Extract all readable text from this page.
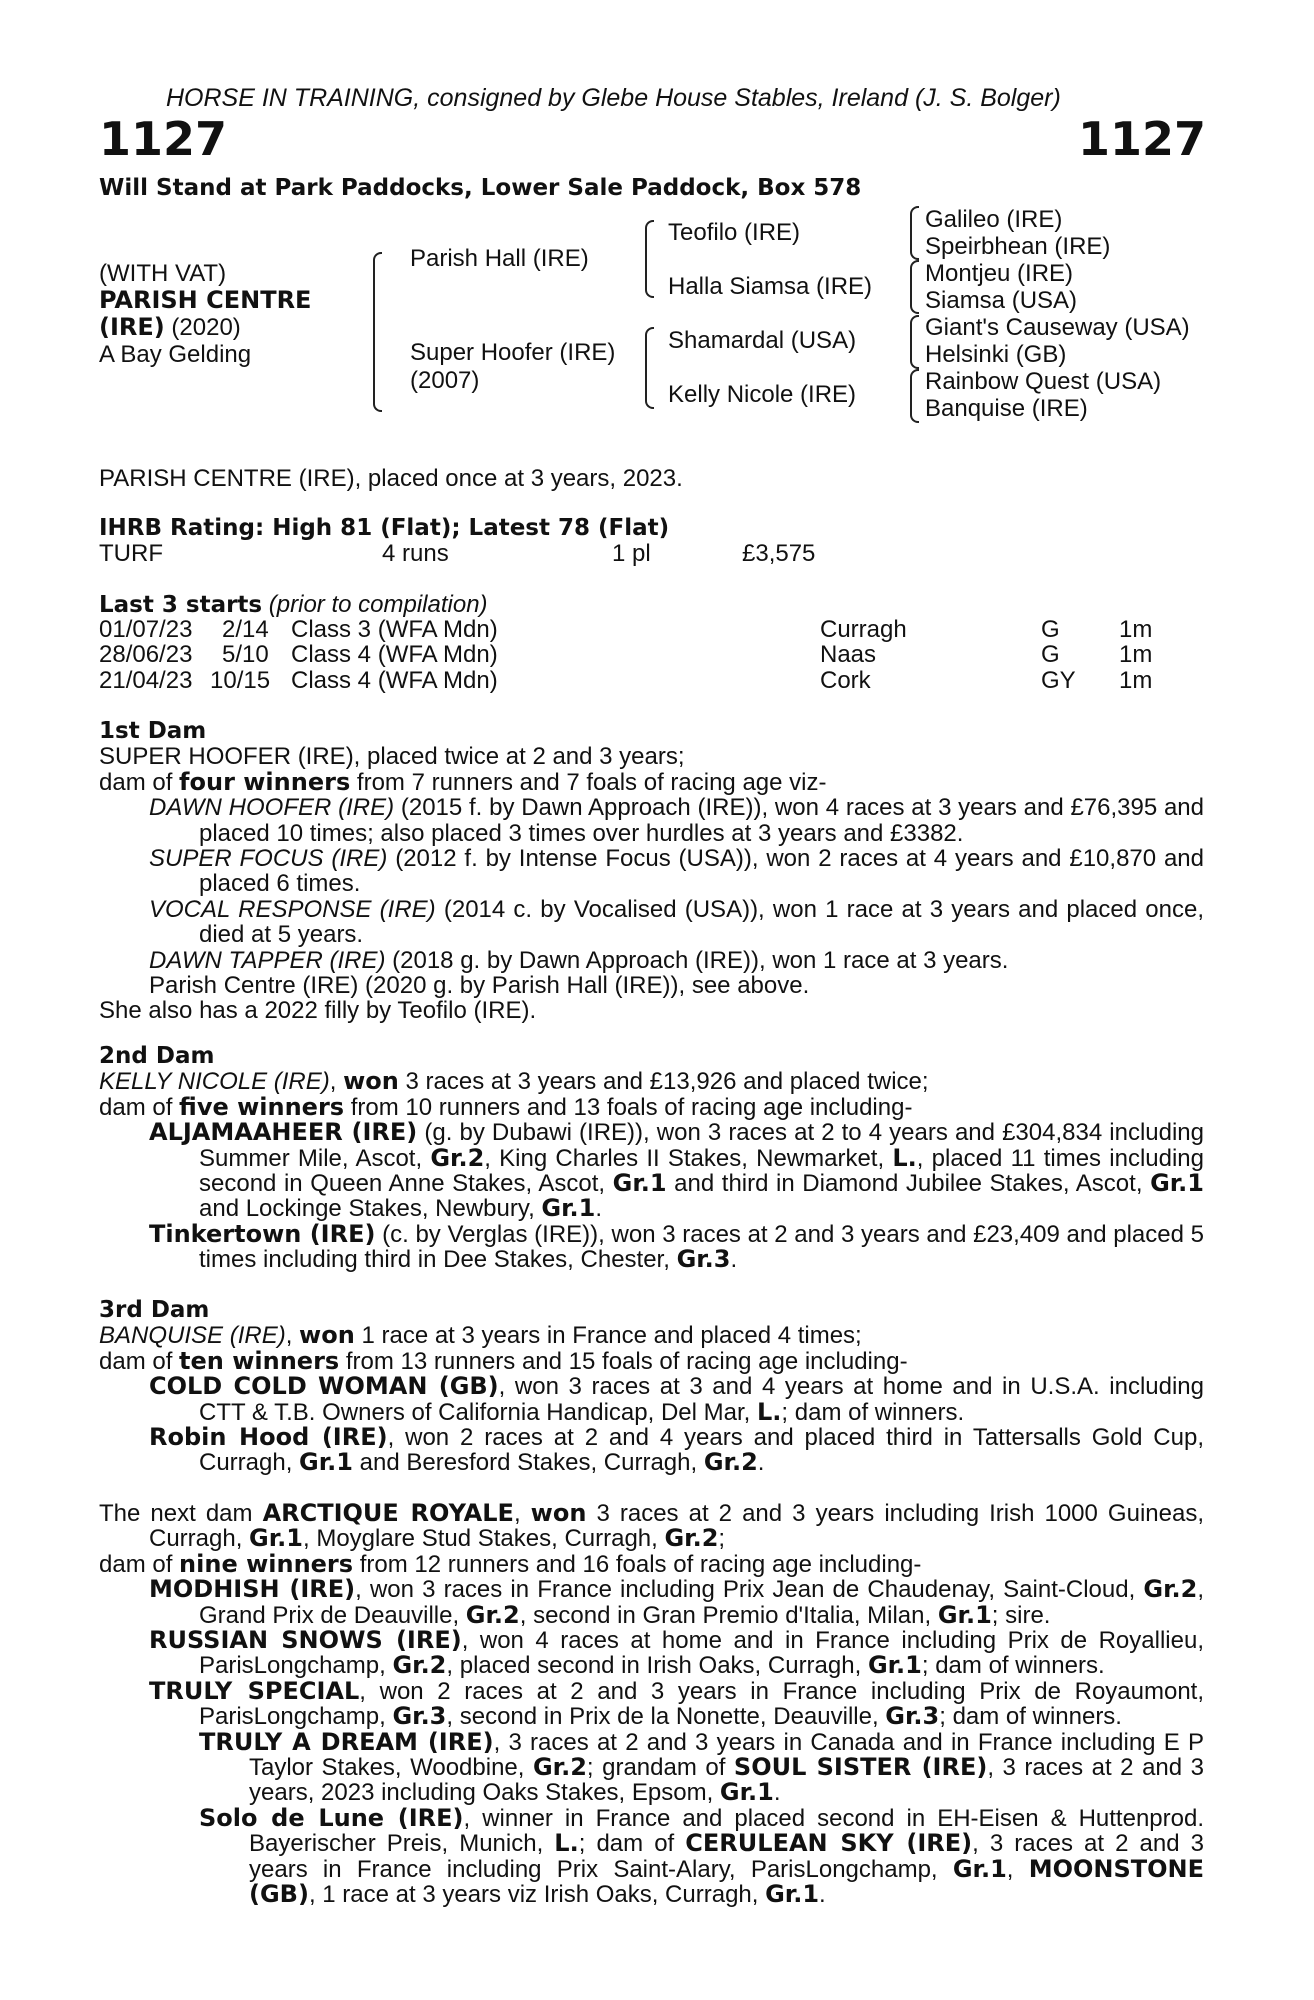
HORSE IN TRAINING, consigned by Glebe House Stables, Ireland (J. S. Bolger)
1127	1127
Will Stand at Park Paddocks, Lower Sale Paddock, Box 578
(WITH VAT)
PARISH CENTRE
(IRE) (2020)
A Bay Gelding
Parish Hall (IRE)
Super Hoofer (IRE)
(2007)
Teofilo (IRE)
Halla Siamsa (IRE)
Shamardal (USA)
Kelly Nicole (IRE)
Galileo (IRE)
Speirbhean (IRE)
Montjeu (IRE)
Siamsa (USA)
Giant's Causeway (USA)
Helsinki (GB)
Rainbow Quest (USA)
Banquise (IRE)
PARISH CENTRE (IRE), placed once at 3 years, 2023.
IHRB Rating: High 81 (Flat); Latest 78 (Flat)
TURF	4 runs	1 pl	£3,575
Last 3 starts (prior to compilation)
01/07/23 2/14 Class 3 (WFA Mdn)	Curragh	G 1m
28/06/23 5/10 Class 4 (WFA Mdn)	Naas	G 1m
21/04/23 10/15 Class 4 (WFA Mdn)	Cork	GY 1m
1st Dam
SUPER HOOFER (IRE), placed twice at 2 and 3 years;
dam of four winners from 7 runners and 7 foals of racing age viz-
DAWN HOOFER (IRE) (2015 f. by Dawn Approach (IRE)), won 4 races at 3 years and £76,395 and placed 10 times; also placed 3 times over hurdles at 3 years and £3382.
SUPER FOCUS (IRE) (2012 f. by Intense Focus (USA)), won 2 races at 4 years and £10,870 and placed 6 times.
VOCAL RESPONSE (IRE) (2014 c. by Vocalised (USA)), won 1 race at 3 years and placed once, died at 5 years.
DAWN TAPPER (IRE) (2018 g. by Dawn Approach (IRE)), won 1 race at 3 years.
Parish Centre (IRE) (2020 g. by Parish Hall (IRE)), see above.
She also has a 2022 filly by Teofilo (IRE).
2nd Dam
KELLY NICOLE (IRE), won 3 races at 3 years and £13,926 and placed twice;
dam of five winners from 10 runners and 13 foals of racing age including-
ALJAMAAHEER (IRE) (g. by Dubawi (IRE)), won 3 races at 2 to 4 years and £304,834 including Summer Mile, Ascot, Gr.2, King Charles II Stakes, Newmarket, L., placed 11 times including second in Queen Anne Stakes, Ascot, Gr.1 and third in Diamond Jubilee Stakes, Ascot, Gr.1 and Lockinge Stakes, Newbury, Gr.1.
Tinkertown (IRE) (c. by Verglas (IRE)), won 3 races at 2 and 3 years and £23,409 and placed 5 times including third in Dee Stakes, Chester, Gr.3.
3rd Dam
BANQUISE (IRE), won 1 race at 3 years in France and placed 4 times;
dam of ten winners from 13 runners and 15 foals of racing age including-
COLD COLD WOMAN (GB), won 3 races at 3 and 4 years at home and in U.S.A. including CTT & T.B. Owners of California Handicap, Del Mar, L.; dam of winners.
Robin Hood (IRE), won 2 races at 2 and 4 years and placed third in Tattersalls Gold Cup, Curragh, Gr.1 and Beresford Stakes, Curragh, Gr.2.
The next dam ARCTIQUE ROYALE, won 3 races at 2 and 3 years including Irish 1000 Guineas, Curragh, Gr.1, Moyglare Stud Stakes, Curragh, Gr.2;
dam of nine winners from 12 runners and 16 foals of racing age including-
MODHISH (IRE), won 3 races in France including Prix Jean de Chaudenay, Saint-Cloud, Gr.2, Grand Prix de Deauville, Gr.2, second in Gran Premio d'Italia, Milan, Gr.1; sire.
RUSSIAN SNOWS (IRE), won 4 races at home and in France including Prix de Royallieu, ParisLongchamp, Gr.2, placed second in Irish Oaks, Curragh, Gr.1; dam of winners.
TRULY SPECIAL, won 2 races at 2 and 3 years in France including Prix de Royaumont, ParisLongchamp, Gr.3, second in Prix de la Nonette, Deauville, Gr.3; dam of winners.
TRULY A DREAM (IRE), 3 races at 2 and 3 years in Canada and in France including E P Taylor Stakes, Woodbine, Gr.2; grandam of SOUL SISTER (IRE), 3 races at 2 and 3 years, 2023 including Oaks Stakes, Epsom, Gr.1.
Solo de Lune (IRE), winner in France and placed second in EH-Eisen & Huttenprod. Bayerischer Preis, Munich, L.; dam of CERULEAN SKY (IRE), 3 races at 2 and 3 years in France including Prix Saint-Alary, ParisLongchamp, Gr.1, MOONSTONE (GB), 1 race at 3 years viz Irish Oaks, Curragh, Gr.1.
